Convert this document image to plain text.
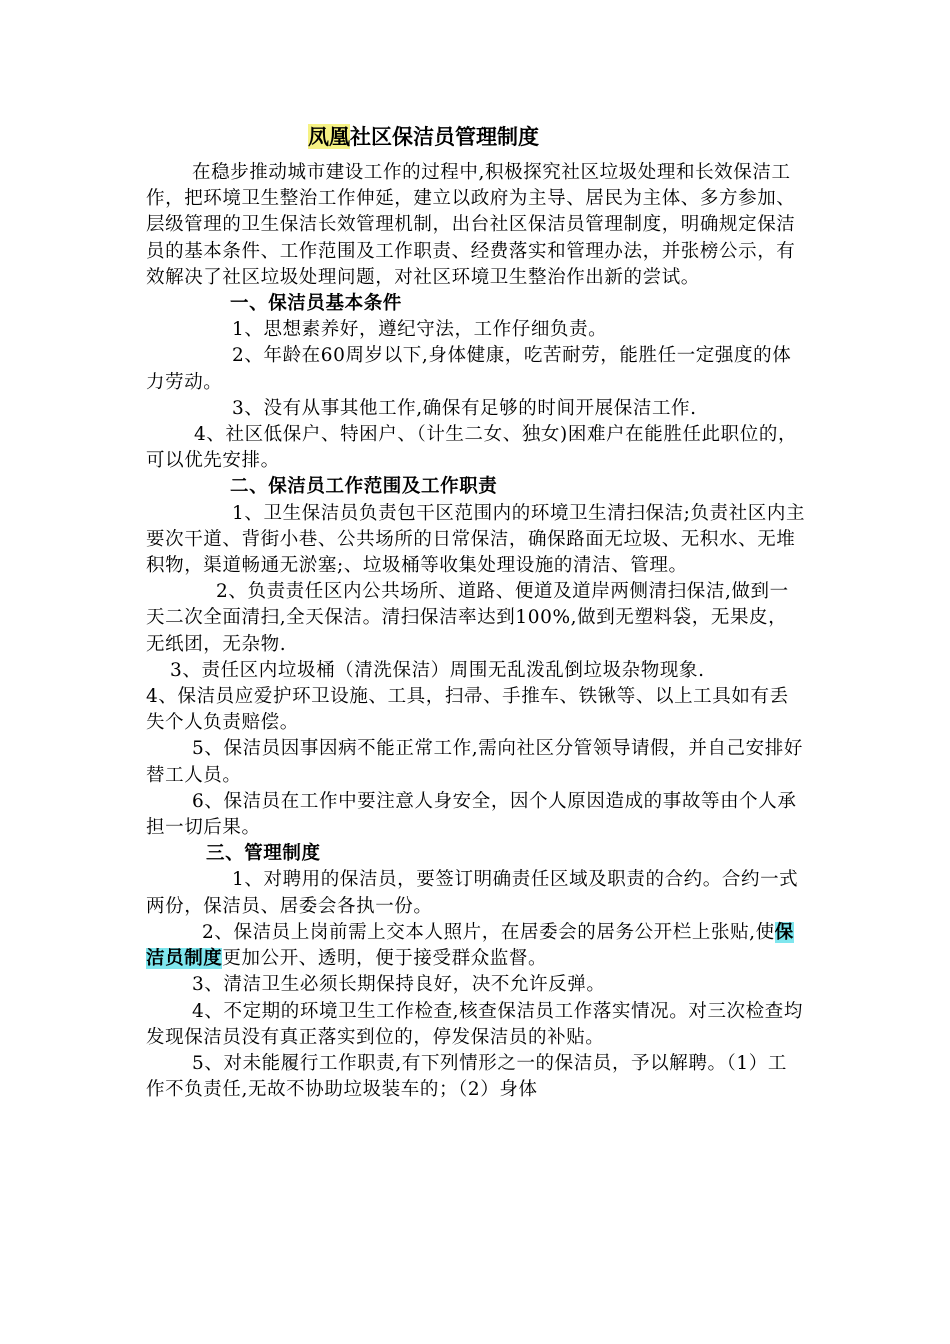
凤凰社区保洁员管理制度

在稳步推动城市建设工作的过程中,积极探究社区垃圾处理和长效保洁工作，把环境卫生整治工作伸延，建立以政府为主导、居民为主体、多方参加、层级管理的卫生保洁长效管理机制，出台社区保洁员管理制度，明确规定保洁员的基本条件、工作范围及工作职责、经费落实和管理办法，并张榜公示，有效解决了社区垃圾处理问题，对社区环境卫生整治作出新的尝试。

一、保洁员基本条件

1、思想素养好，遵纪守法，工作仔细负责。

2、年龄在60周岁以下,身体健康，吃苦耐劳，能胜任一定强度的体力劳动。

3、没有从事其他工作,确保有足够的时间开展保洁工作.

4、社区低保户、特困户、（计生二女、独女)困难户在能胜任此职位的，可以优先安排。

二、保洁员工作范围及工作职责

1、卫生保洁员负责包干区范围内的环境卫生清扫保洁;负责社区内主要次干道、背街小巷、公共场所的日常保洁，确保路面无垃圾、无积水、无堆积物，渠道畅通无淤塞;、垃圾桶等收集处理设施的清洁、管理。

2、负责责任区内公共场所、道路、便道及道岸两侧清扫保洁,做到一天二次全面清扫,全天保洁。清扫保洁率达到100%,做到无塑料袋，无果皮，无纸团，无杂物.

3、责任区内垃圾桶（清洗保洁）周围无乱泼乱倒垃圾杂物现象.

4、保洁员应爱护环卫设施、工具，扫帚、手推车、铁锹等、以上工具如有丢失个人负责赔偿。

5、保洁员因事因病不能正常工作,需向社区分管领导请假，并自己安排好替工人员。

6、保洁员在工作中要注意人身安全，因个人原因造成的事故等由个人承担一切后果。

三、管理制度

1、对聘用的保洁员，要签订明确责任区域及职责的合约。合约一式两份，保洁员、居委会各执一份。

2、保洁员上岗前需上交本人照片，在居委会的居务公开栏上张贴,使保洁员制度更加公开、透明，便于接受群众监督。

3、清洁卫生必须长期保持良好，决不允许反弹。

4、不定期的环境卫生工作检查,核查保洁员工作落实情况。对三次检查均发现保洁员没有真正落实到位的，停发保洁员的补贴。

5、对未能履行工作职责,有下列情形之一的保洁员，予以解聘。（1）工作不负责任,无故不协助垃圾装车的；（2）身体
